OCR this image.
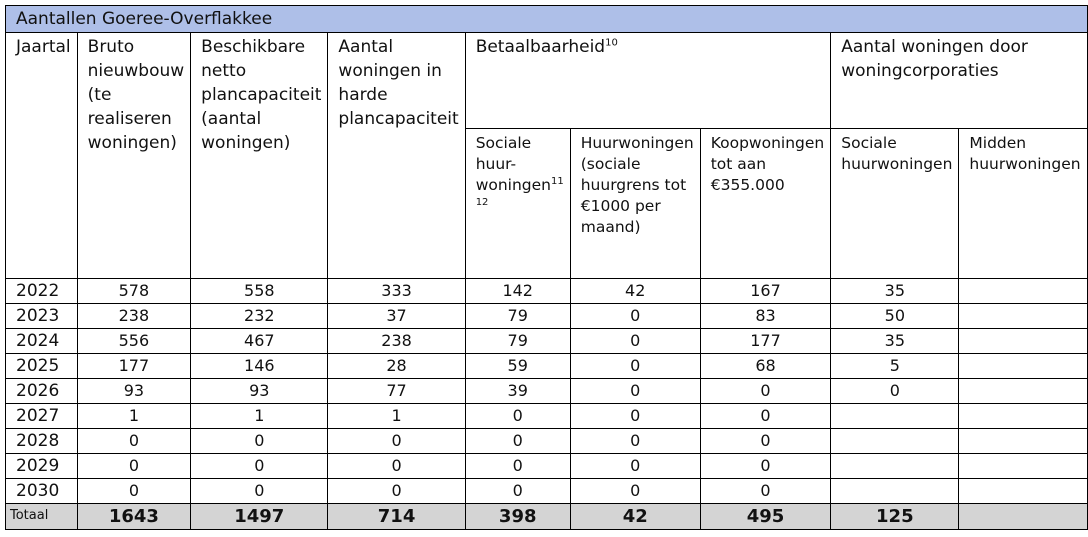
Aantallen Goeree-Overflakkee								
Jaartal	Bruto nieuwbouw (te realiseren woningen)	Beschikbare netto plancapaciteit (aantal woningen)	Aantal woningen in harde plancapaciteit	Betaalbaarheid$^{10}$			Aantal woningen door woningcorporaties	
				Sociale huur-woningen$^{11 12}$	Huurwoningen (sociale huurgrens tot €1000 per maand)	Koopwoningen tot aan €355.000	Sociale huurwoningen	Midden huurwoningen
2022	578	558	333	142	42	167	35	
2023	238	232	37	79	0	83	50	
2024	556	467	238	79	0	177	35	
2025	177	146	28	59	0	68	5	
2026	93	93	77	39	0	0	0	
2027	1	1	1	0	0	0		
2028	0	0	0	0	0	0		
2029	0	0	0	0	0	0		
2030	0	0	0	0	0	0		
Totaal	1643	1497	714	398	42	495	125	
